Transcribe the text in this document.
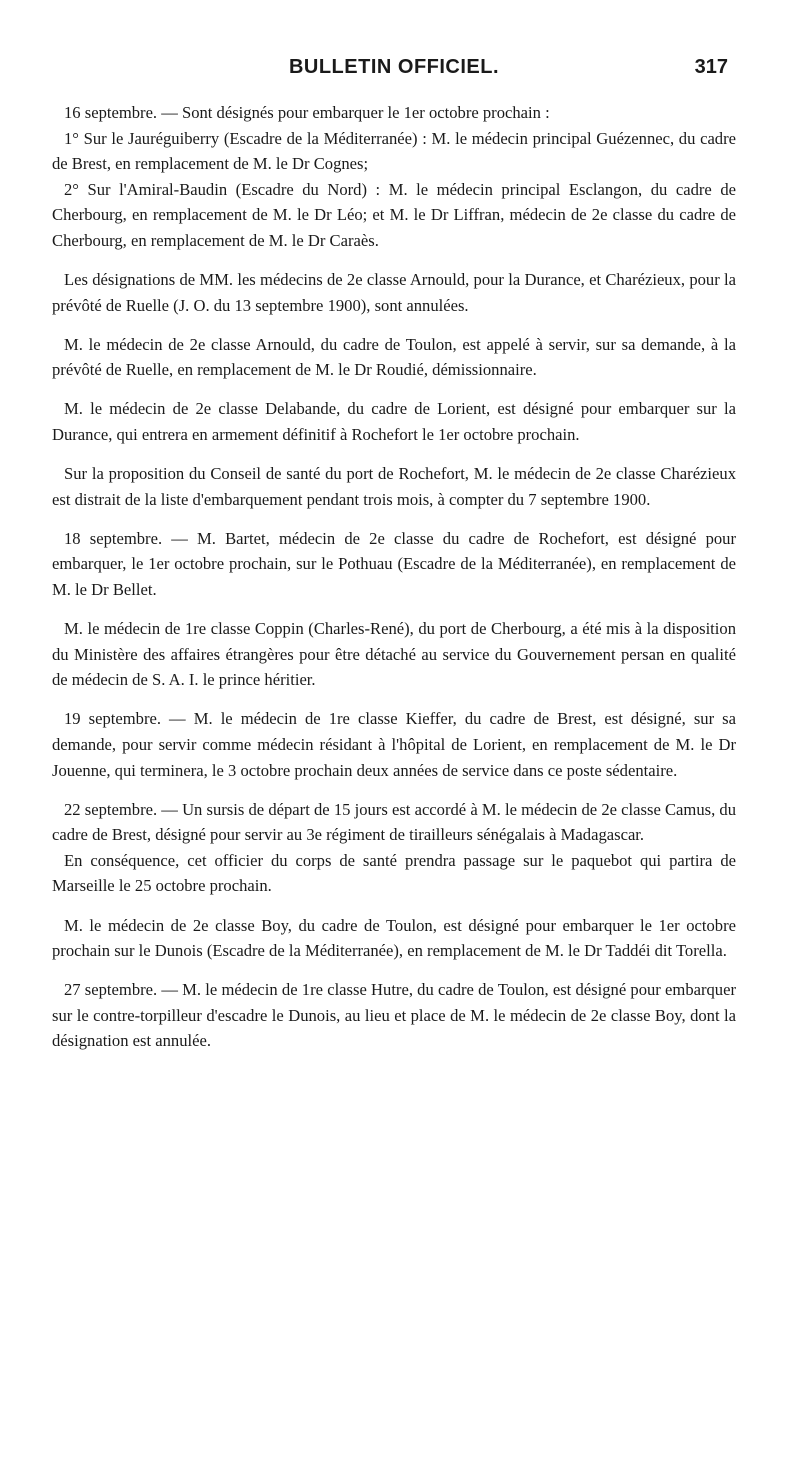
BULLETIN OFFICIEL.	317

16 septembre. — Sont désignés pour embarquer le 1er octobre prochain :

1° Sur le Jauréguiberry (Escadre de la Méditerranée) : M. le médecin principal Guézennec, du cadre de Brest, en remplacement de M. le Dr Cognes;

2° Sur l'Amiral-Baudin (Escadre du Nord) : M. le médecin principal Esclangon, du cadre de Cherbourg, en remplacement de M. le Dr Léo; et M. le Dr Liffran, médecin de 2e classe du cadre de Cherbourg, en remplacement de M. le Dr Caraès.

Les désignations de MM. les médecins de 2e classe Arnould, pour la Durance, et Charézieux, pour la prévôté de Ruelle (J. O. du 13 septembre 1900), sont annulées.

M. le médecin de 2e classe Arnould, du cadre de Toulon, est appelé à servir, sur sa demande, à la prévôté de Ruelle, en remplacement de M. le Dr Roudié, démissionnaire.

M. le médecin de 2e classe Delabande, du cadre de Lorient, est désigné pour embarquer sur la Durance, qui entrera en armement définitif à Rochefort le 1er octobre prochain.

Sur la proposition du Conseil de santé du port de Rochefort, M. le médecin de 2e classe Charézieux est distrait de la liste d'embarquement pendant trois mois, à compter du 7 septembre 1900.

18 septembre. — M. Bartet, médecin de 2e classe du cadre de Rochefort, est désigné pour embarquer, le 1er octobre prochain, sur le Pothuau (Escadre de la Méditerranée), en remplacement de M. le Dr Bellet.

M. le médecin de 1re classe Coppin (Charles-René), du port de Cherbourg, a été mis à la disposition du Ministère des affaires étrangères pour être détaché au service du Gouvernement persan en qualité de médecin de S. A. I. le prince héritier.

19 septembre. — M. le médecin de 1re classe Kieffer, du cadre de Brest, est désigné, sur sa demande, pour servir comme médecin résidant à l'hôpital de Lorient, en remplacement de M. le Dr Jouenne, qui terminera, le 3 octobre prochain deux années de service dans ce poste sédentaire.

22 septembre. — Un sursis de départ de 15 jours est accordé à M. le médecin de 2e classe Camus, du cadre de Brest, désigné pour servir au 3e régiment de tirailleurs sénégalais à Madagascar.

En conséquence, cet officier du corps de santé prendra passage sur le paquebot qui partira de Marseille le 25 octobre prochain.

M. le médecin de 2e classe Boy, du cadre de Toulon, est désigné pour embarquer le 1er octobre prochain sur le Dunois (Escadre de la Méditerranée), en remplacement de M. le Dr Taddéi dit Torella.

27 septembre. — M. le médecin de 1re classe Hutre, du cadre de Toulon, est désigné pour embarquer sur le contre-torpilleur d'escadre le Dunois, au lieu et place de M. le médecin de 2e classe Boy, dont la désignation est annulée.
